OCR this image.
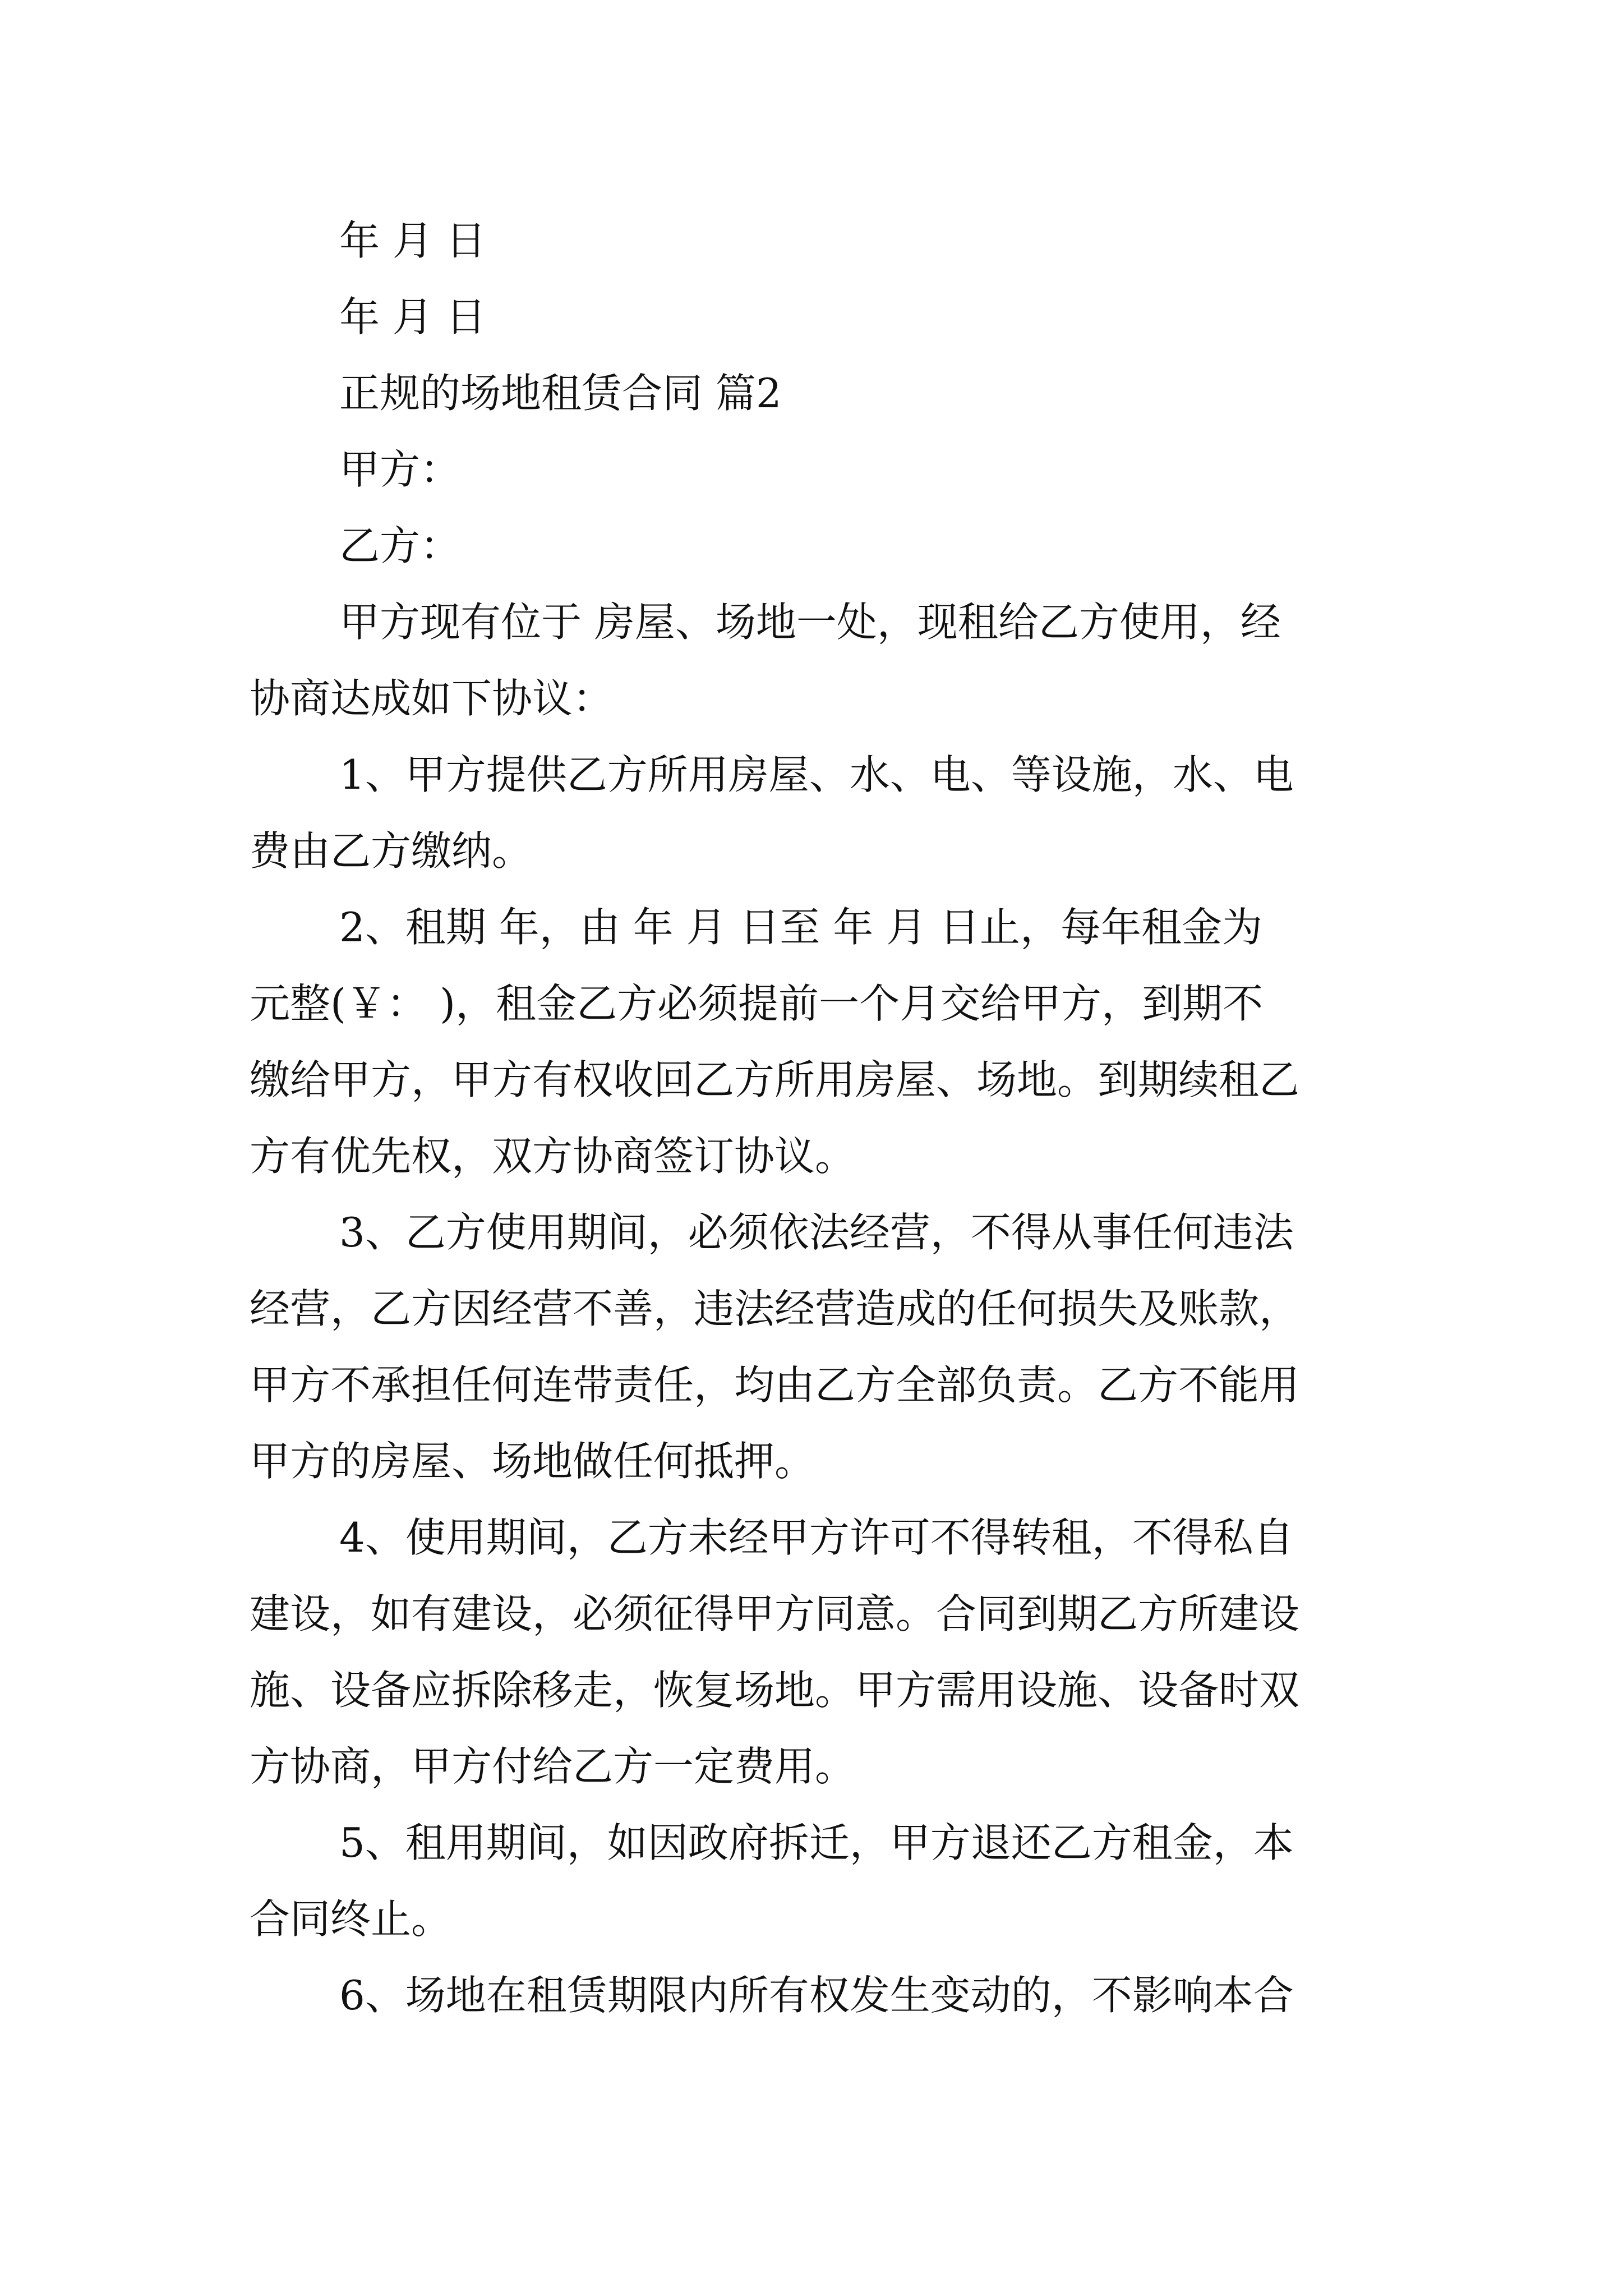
年 月 日
年 月 日
正规的场地租赁合同 篇2
甲方：
乙方：
甲方现有位于 房屋、场地一处，现租给乙方使用，经
协商达成如下协议：
1、甲方提供乙方所用房屋、水、电、等设施，水、电
费由乙方缴纳。
2、租期 年，由 年 月 日至 年 月 日止，每年租金为
元整(￥： )，租金乙方必须提前一个月交给甲方，到期不
缴给甲方，甲方有权收回乙方所用房屋、场地。到期续租乙
方有优先权，双方协商签订协议。
3、乙方使用期间，必须依法经营，不得从事任何违法
经营，乙方因经营不善，违法经营造成的任何损失及账款，
甲方不承担任何连带责任，均由乙方全部负责。乙方不能用
甲方的房屋、场地做任何抵押。
4、使用期间，乙方未经甲方许可不得转租，不得私自
建设，如有建设，必须征得甲方同意。合同到期乙方所建设
施、设备应拆除移走，恢复场地。甲方需用设施、设备时双
方协商，甲方付给乙方一定费用。
5、租用期间，如因政府拆迁，甲方退还乙方租金，本
合同终止。
6、场地在租赁期限内所有权发生变动的，不影响本合
